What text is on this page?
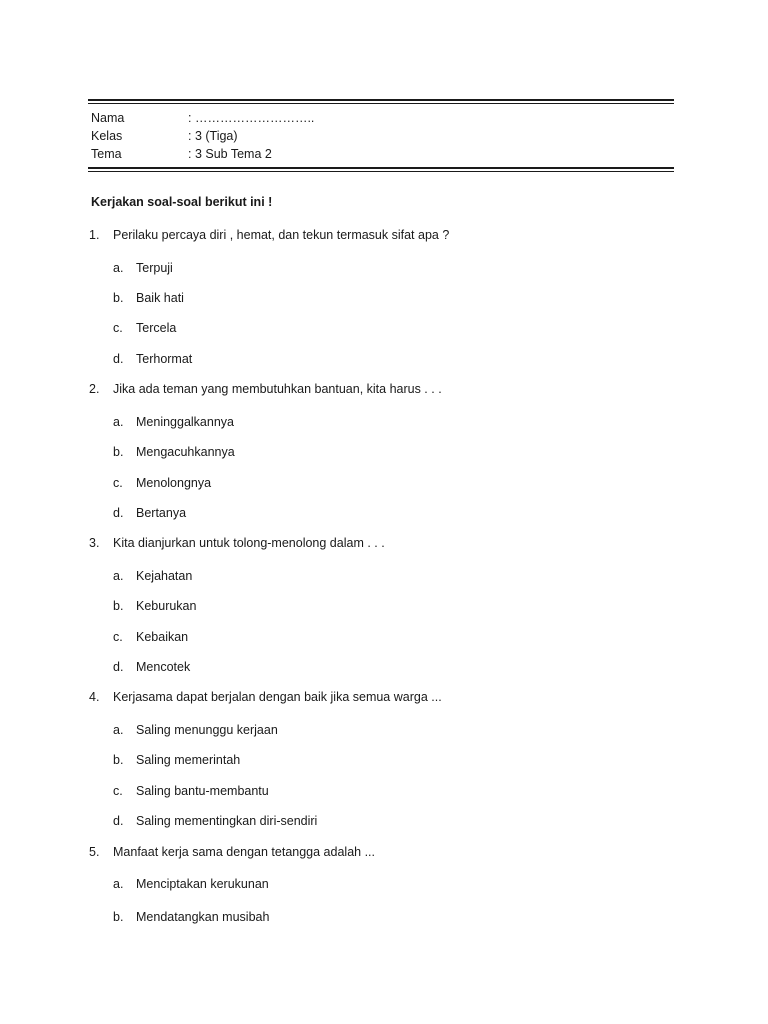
Nama	: ………………………..
Kelas	: 3 (Tiga)
Tema	: 3 Sub Tema 2
Kerjakan soal-soal berikut ini !
1. Perilaku percaya diri , hemat, dan tekun termasuk sifat apa ?
a. Terpuji
b. Baik hati
c. Tercela
d. Terhormat
2. Jika ada teman yang membutuhkan bantuan, kita harus . . .
a. Meninggalkannya
b. Mengacuhkannya
c. Menolongnya
d. Bertanya
3. Kita dianjurkan untuk tolong-menolong dalam . . .
a. Kejahatan
b. Keburukan
c. Kebaikan
d. Mencotek
4. Kerjasama dapat berjalan dengan baik jika semua warga ...
a. Saling menunggu kerjaan
b. Saling memerintah
c. Saling bantu-membantu
d. Saling mementingkan diri-sendiri
5. Manfaat kerja sama dengan tetangga adalah ...
a. Menciptakan kerukunan
b. Mendatangkan musibah
